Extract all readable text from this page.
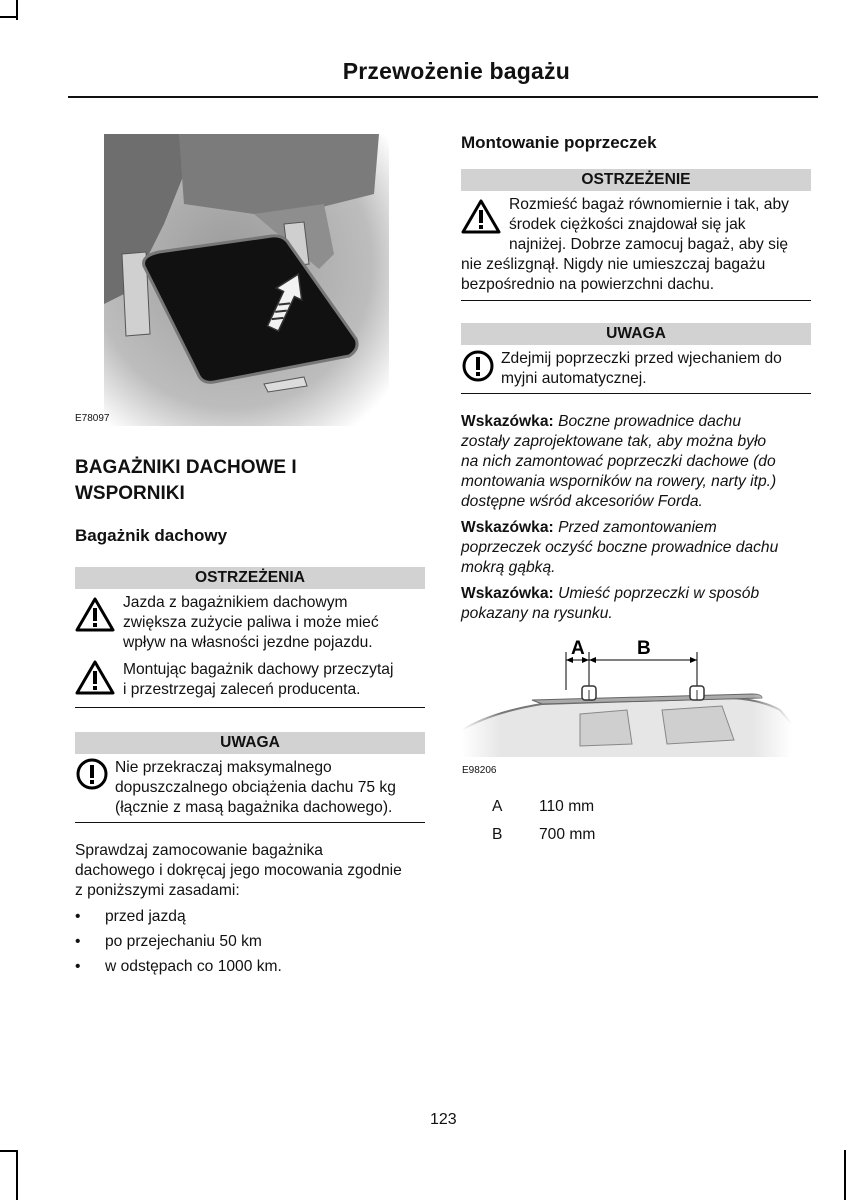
Przewożenie bagażu
E78097

BAGAŻNIKI DACHOWE I

WSPORNIKI

Bagażnik dachowy

OSTRZEŻENIA
Jazda z bagażnikiem dachowym
zwiększa zużycie paliwa i może mieć
wpływ na własności jezdne pojazdu.
Montując bagażnik dachowy przeczytaj
i przestrzegaj zaleceń producenta.
UWAGA
Nie przekraczaj maksymalnego
dopuszczalnego obciążenia dachu 75 kg
(łącznie z masą bagażnika dachowego).

Sprawdzaj zamocowanie bagażnika

dachowego i dokręcaj jego mocowania zgodnie

z poniższymi zasadami:

• przed jazdą

• po przejechaniu 50 km

• w odstępach co 1000 km.

Montowanie poprzeczek

OSTRZEŻENIE
Rozmieść bagaż równomiernie i tak, aby
środek ciężkości znajdował się jak
najniżej. Dobrze zamocuj bagaż, aby się
nie ześlizgnął. Nigdy nie umieszczaj bagażu
bezpośrednio na powierzchni dachu.
UWAGA
Zdejmij poprzeczki przed wjechaniem do
myjni automatycznej.
Wskazówka: Boczne prowadnice dachu
zostały zaprojektowane tak, aby można było
na nich zamontować poprzeczki dachowe (do
montowania wsporników na rowery, narty itp.)
dostępne wśród akcesoriów Forda.
Wskazówka: Przed zamontowaniem
poprzeczek oczyść boczne prowadnice dachu
mokrą gąbką.
Wskazówka: Umieść poprzeczki w sposób
pokazany na rysunku.
E98206
A 110 mm
B 700 mm
123
